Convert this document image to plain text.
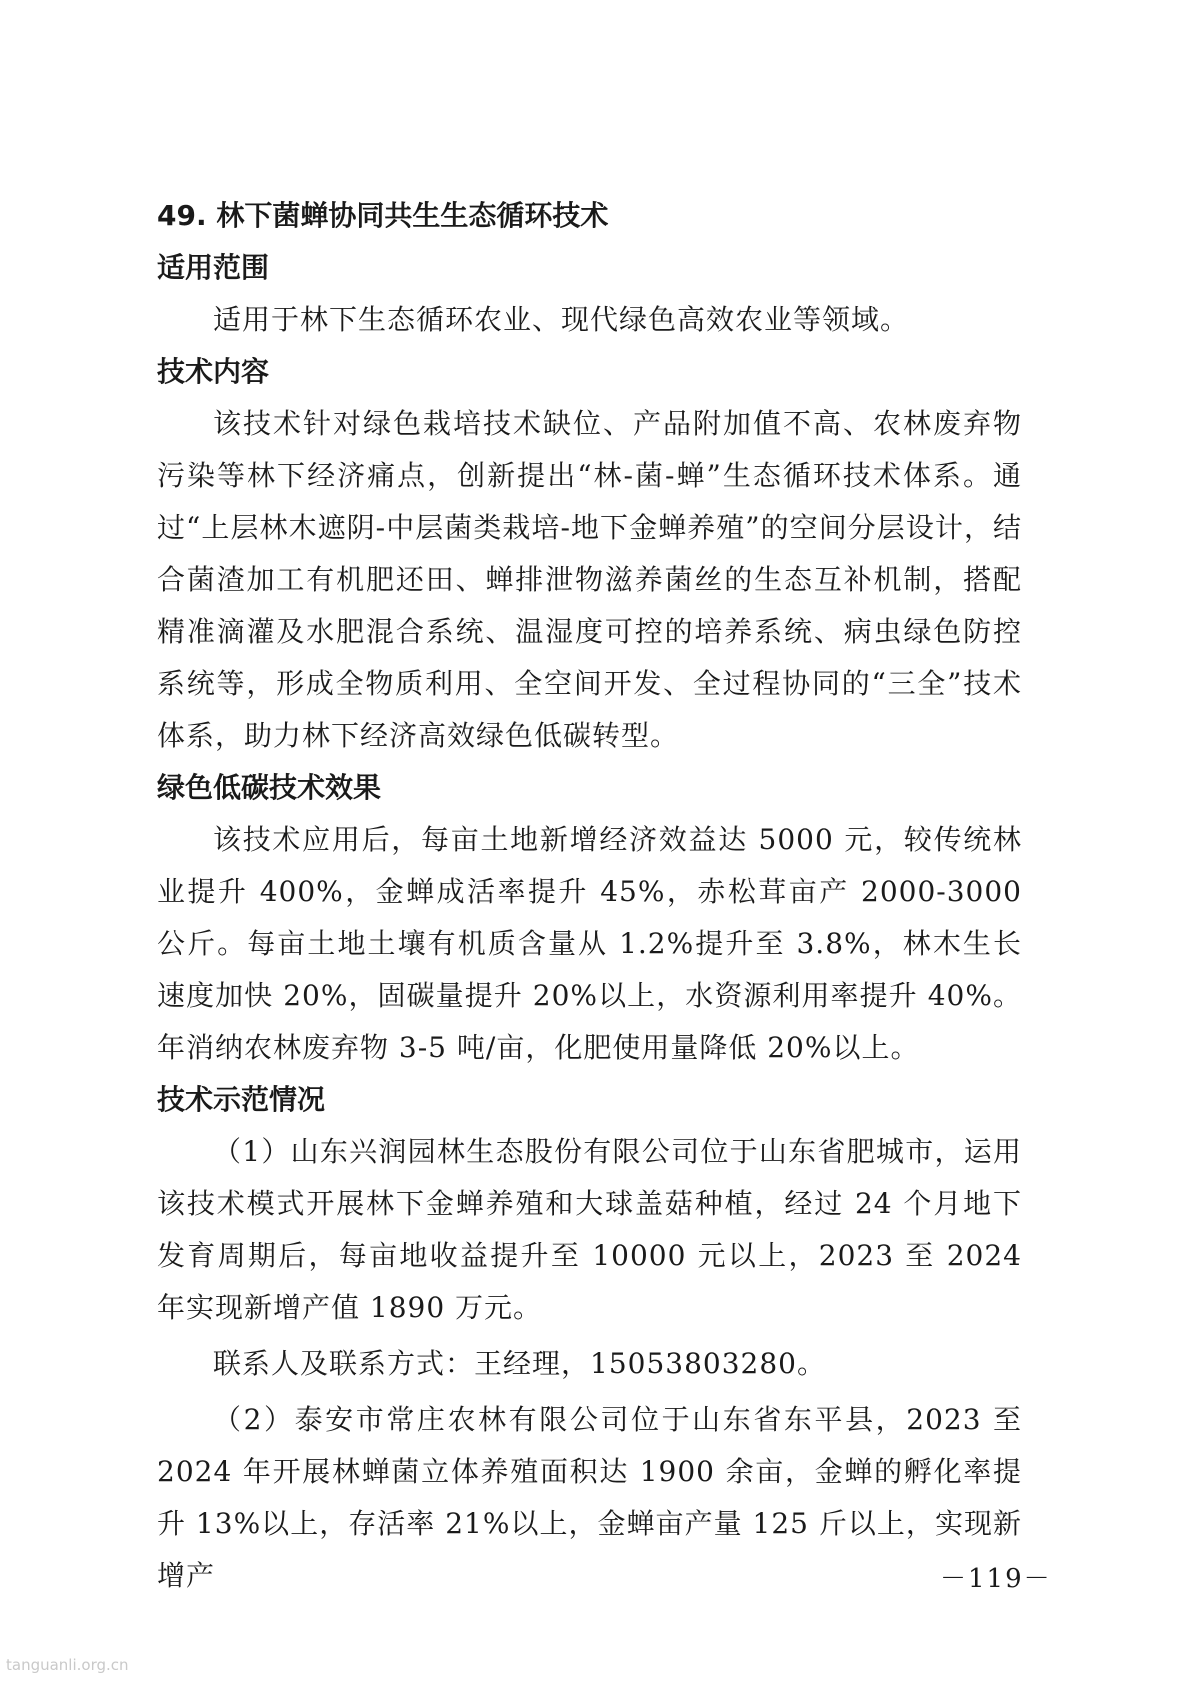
49. 林下菌蝉协同共生生态循环技术
适用范围

适用于林下生态循环农业、现代绿色高效农业等领域。

技术内容

该技术针对绿色栽培技术缺位、产品附加值不高、农林废弃物污染等林下经济痛点，创新提出“林-菌-蝉”生态循环技术体系。通过“上层林木遮阴-中层菌类栽培-地下金蝉养殖”的空间分层设计，结合菌渣加工有机肥还田、蝉排泄物滋养菌丝的生态互补机制，搭配精准滴灌及水肥混合系统、温湿度可控的培养系统、病虫绿色防控系统等，形成全物质利用、全空间开发、全过程协同的“三全”技术体系，助力林下经济高效绿色低碳转型。

绿色低碳技术效果

该技术应用后，每亩土地新增经济效益达 5000 元，较传统林业提升 400%，金蝉成活率提升 45%，赤松茸亩产 2000-3000 公斤。每亩土地土壤有机质含量从 1.2%提升至 3.8%，林木生长速度加快 20%，固碳量提升 20%以上，水资源利用率提升 40%。年消纳农林废弃物 3-5 吨/亩，化肥使用量降低 20%以上。

技术示范情况

（1）山东兴润园林生态股份有限公司位于山东省肥城市，运用该技术模式开展林下金蝉养殖和大球盖菇种植，经过 24 个月地下发育周期后，每亩地收益提升至 10000 元以上，2023 至 2024 年实现新增产值 1890 万元。

联系人及联系方式：王经理，15053803280。

（2）泰安市常庄农林有限公司位于山东省东平县，2023 至 2024 年开展林蝉菌立体养殖面积达 1900 余亩，金蝉的孵化率提升 13%以上，存活率 21%以上，金蝉亩产量 125 斤以上，实现新增产	－119－
tanguanli.org.cn
